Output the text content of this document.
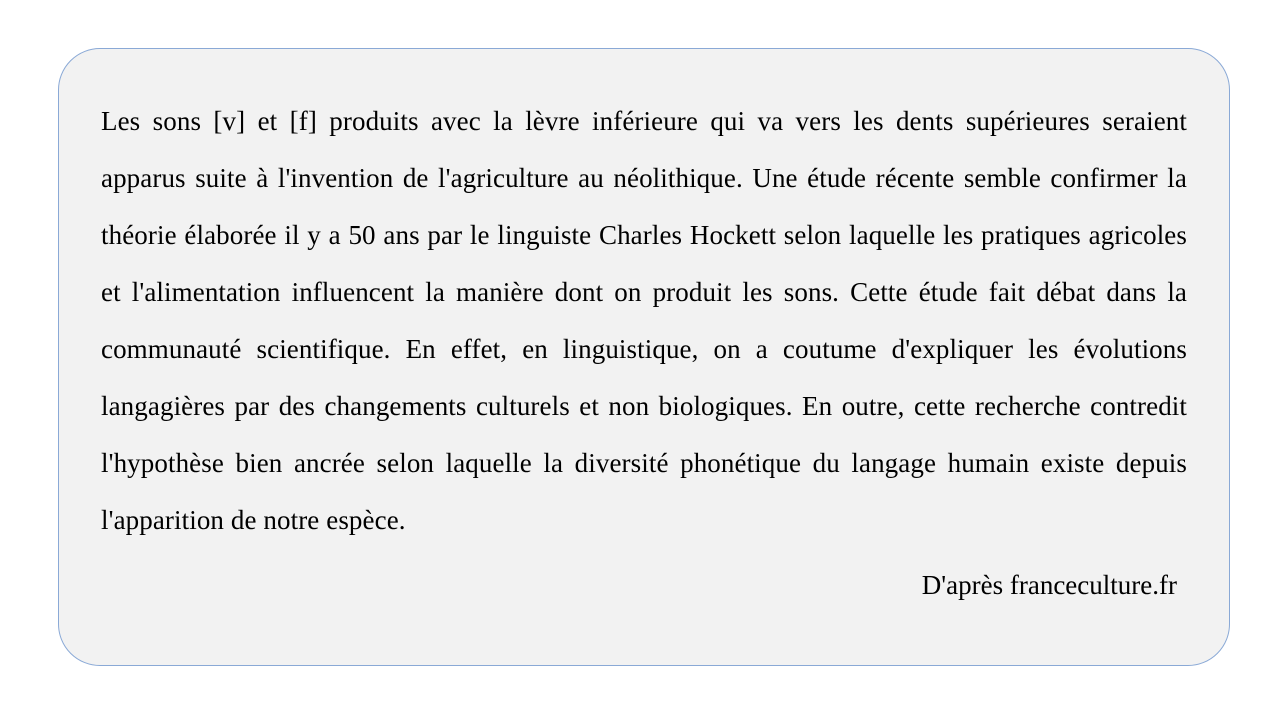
Les sons [v] et [f] produits avec la lèvre inférieure qui va vers les dents supérieures seraient apparus suite à l'invention de l'agriculture au néolithique. Une étude récente semble confirmer la théorie élaborée il y a 50 ans par le linguiste Charles Hockett selon laquelle les pratiques agricoles et l'alimentation influencent la manière dont on produit les sons. Cette étude fait débat dans la communauté scientifique. En effet, en linguistique, on a coutume d'expliquer les évolutions langagières par des changements culturels et non biologiques. En outre, cette recherche contredit l'hypothèse bien ancrée selon laquelle la diversité phonétique du langage humain existe depuis l'apparition de notre espèce.

D'après franceculture.fr
